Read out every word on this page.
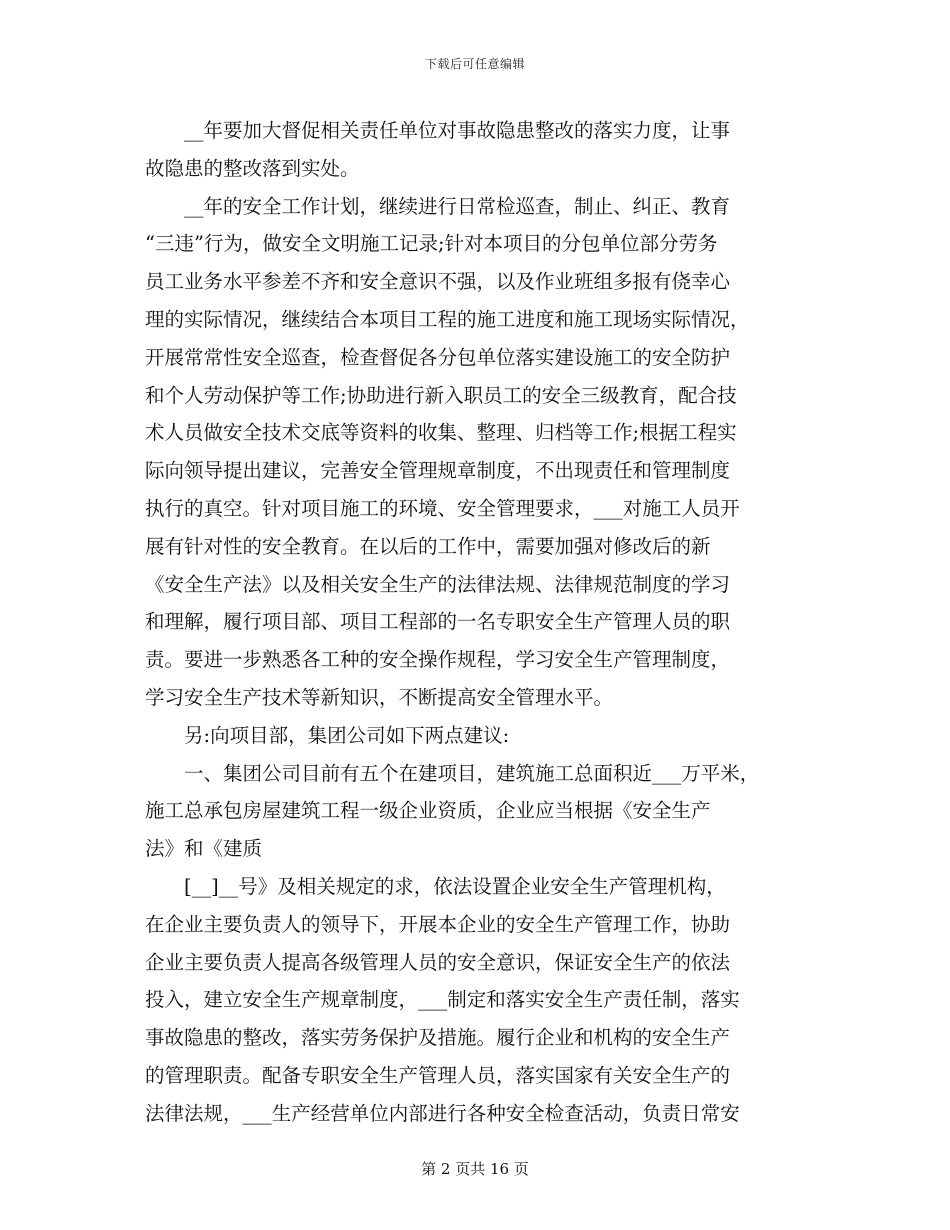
下载后可任意编辑
__年要加大督促相关责任单位对事故隐患整改的落实力度，让事
故隐患的整改落到实处。
__年的安全工作计划，继续进行日常检巡查，制止、纠正、教育
“三违”行为，做安全文明施工记录;针对本项目的分包单位部分劳务
员工业务水平参差不齐和安全意识不强，以及作业班组多报有侥幸心
理的实际情况，继续结合本项目工程的施工进度和施工现场实际情况，
开展常常性安全巡查，检查督促各分包单位落实建设施工的安全防护
和个人劳动保护等工作;协助进行新入职员工的安全三级教育，配合技
术人员做安全技术交底等资料的收集、整理、归档等工作;根据工程实
际向领导提出建议，完善安全管理规章制度，不出现责任和管理制度
执行的真空。针对项目施工的环境、安全管理要求，___对施工人员开
展有针对性的安全教育。在以后的工作中，需要加强对修改后的新
《安全生产法》以及相关安全生产的法律法规、法律规范制度的学习
和理解，履行项目部、项目工程部的一名专职安全生产管理人员的职
责。要进一步熟悉各工种的安全操作规程，学习安全生产管理制度，
学习安全生产技术等新知识，不断提高安全管理水平。
另:向项目部，集团公司如下两点建议:
一、集团公司目前有五个在建项目，建筑施工总面积近___万平米，
施工总承包房屋建筑工程一级企业资质，企业应当根据《安全生产
法》和《建质
[__]__号》及相关规定的求，依法设置企业安全生产管理机构，
在企业主要负责人的领导下，开展本企业的安全生产管理工作，协助
企业主要负责人提高各级管理人员的安全意识，保证安全生产的依法
投入，建立安全生产规章制度，___制定和落实安全生产责任制，落实
事故隐患的整改，落实劳务保护及措施。履行企业和机构的安全生产
的管理职责。配备专职安全生产管理人员，落实国家有关安全生产的
法律法规，___生产经营单位内部进行各种安全检查活动，负责日常安
第 2 页共 16 页
